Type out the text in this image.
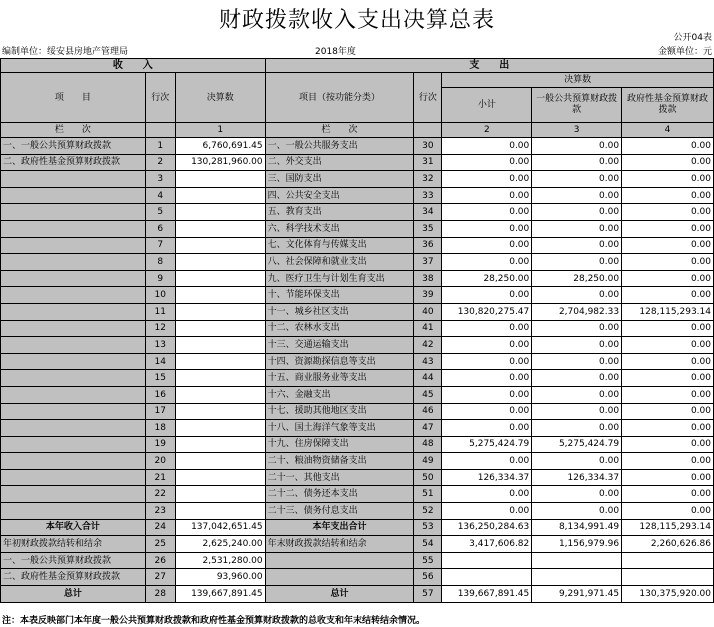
财政拨款收入支出决算总表
公开04表
编制单位：绥安县房地产管理局	2018年度	金额单位：元
收　　入			支　　出				
项　　目	行次	决算数	项目（按功能分类）	行次	决算数		
					小计	一般公共预算财政拨款	政府性基金预算财政拨款
栏　　次		1	栏　　次		2	3	4
一、一般公共预算财政拨款	1	6,760,691.45	一、一般公共服务支出	30	0.00	0.00	0.00
二、政府性基金预算财政拨款	2	130,281,960.00	二、外交支出	31	0.00	0.00	0.00
	3		三、国防支出	32	0.00	0.00	0.00
	4		四、公共安全支出	33	0.00	0.00	0.00
	5		五、教育支出	34	0.00	0.00	0.00
	6		六、科学技术支出	35	0.00	0.00	0.00
	7		七、文化体育与传媒支出	36	0.00	0.00	0.00
	8		八、社会保障和就业支出	37	0.00	0.00	0.00
	9		九、医疗卫生与计划生育支出	38	28,250.00	28,250.00	0.00
	10		十、节能环保支出	39	0.00	0.00	0.00
	11		十一、城乡社区支出	40	130,820,275.47	2,704,982.33	128,115,293.14
	12		十二、农林水支出	41	0.00	0.00	0.00
	13		十三、交通运输支出	42	0.00	0.00	0.00
	14		十四、资源勘探信息等支出	43	0.00	0.00	0.00
	15		十五、商业服务业等支出	44	0.00	0.00	0.00
	16		十六、金融支出	45	0.00	0.00	0.00
	17		十七、援助其他地区支出	46	0.00	0.00	0.00
	18		十八、国土海洋气象等支出	47	0.00	0.00	0.00
	19		十九、住房保障支出	48	5,275,424.79	5,275,424.79	0.00
	20		二十、粮油物资储备支出	49	0.00	0.00	0.00
	21		二十一、其他支出	50	126,334.37	126,334.37	0.00
	22		二十二、债务还本支出	51	0.00	0.00	0.00
	23		二十三、债务付息支出	52	0.00	0.00	0.00
本年收入合计	24	137,042,651.45	本年支出合计	53	136,250,284.63	8,134,991.49	128,115,293.14
年初财政拨款结转和结余	25	2,625,240.00	年末财政拨款结转和结余	54	3,417,606.82	1,156,979.96	2,260,626.86
一、一般公共预算财政拨款	26	2,531,280.00		55			
二、政府性基金预算财政拨款	27	93,960.00		56			
总计	28	139,667,891.45	总计	57	139,667,891.45	9,291,971.45	130,375,920.00
注：本表反映部门本年度一般公共预算财政拨款和政府性基金预算财政拨款的总收支和年末结转结余情况。
